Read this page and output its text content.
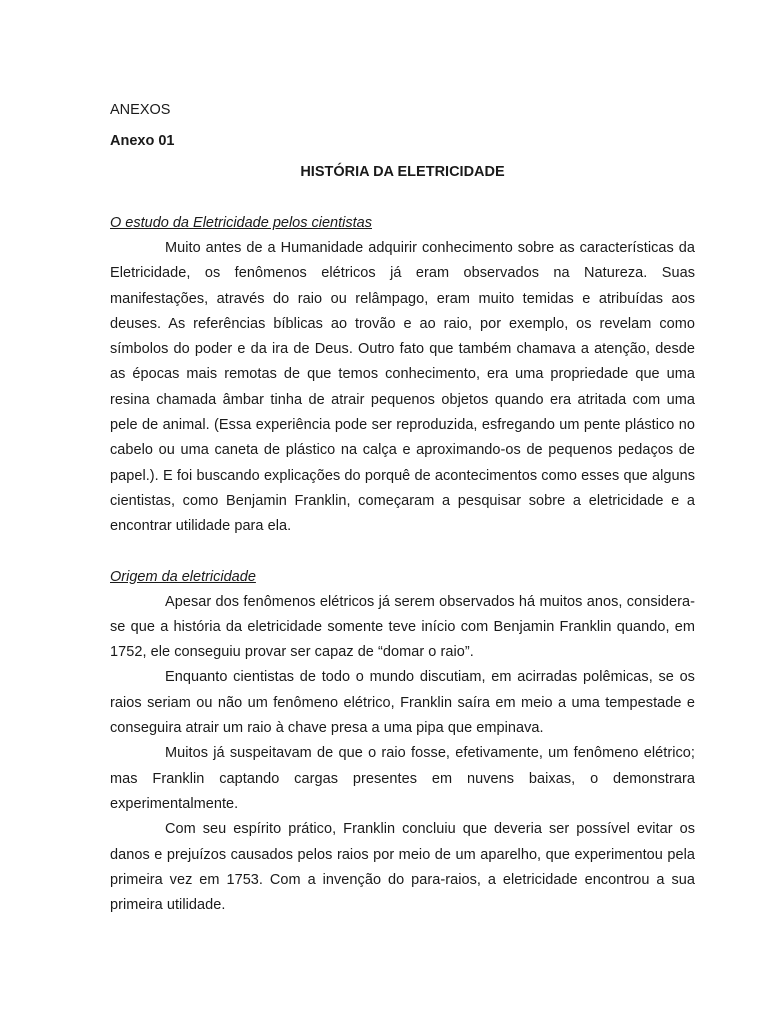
ANEXOS

Anexo 01

HISTÓRIA DA ELETRICIDADE

O estudo da Eletricidade pelos cientistas

Muito antes de a Humanidade adquirir conhecimento sobre as características da Eletricidade, os fenômenos elétricos já eram observados na Natureza. Suas manifestações, através do raio ou relâmpago, eram muito temidas e atribuídas aos deuses. As referências bíblicas ao trovão e ao raio, por exemplo, os revelam como símbolos do poder e da ira de Deus. Outro fato que também chamava a atenção, desde as épocas mais remotas de que temos conhecimento, era uma propriedade que uma resina chamada âmbar tinha de atrair pequenos objetos quando era atritada com uma pele de animal. (Essa experiência pode ser reproduzida, esfregando um pente plástico no cabelo ou uma caneta de plástico na calça e aproximando-os de pequenos pedaços de papel.). E foi buscando explicações do porquê de acontecimentos como esses que alguns cientistas, como Benjamin Franklin, começaram a pesquisar sobre a eletricidade e a encontrar utilidade para ela.

Origem da eletricidade

Apesar dos fenômenos elétricos já serem observados há muitos anos, considera-se que a história da eletricidade somente teve início com Benjamin Franklin quando, em 1752, ele conseguiu provar ser capaz de “domar o raio”.

Enquanto cientistas de todo o mundo discutiam, em acirradas polêmicas, se os raios seriam ou não um fenômeno elétrico, Franklin saíra em meio a uma tempestade e conseguira atrair um raio à chave presa a uma pipa que empinava.

Muitos já suspeitavam de que o raio fosse, efetivamente, um fenômeno elétrico; mas Franklin captando cargas presentes em nuvens baixas, o demonstrara experimentalmente.

Com seu espírito prático, Franklin concluiu que deveria ser possível evitar os danos e prejuízos causados pelos raios por meio de um aparelho, que experimentou pela primeira vez em 1753. Com a invenção do para-raios, a eletricidade encontrou a sua primeira utilidade.
